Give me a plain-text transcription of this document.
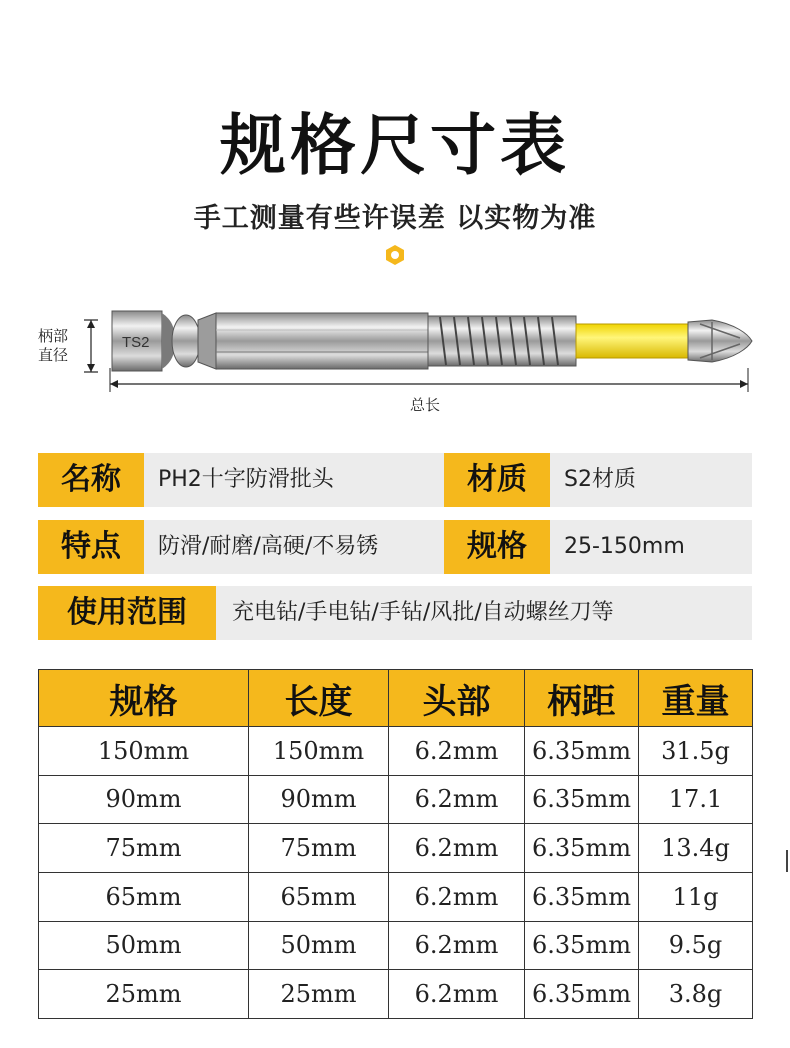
规格尺寸表
手工测量有些许误差 以实物为准
柄部
直径
总长
TS2
名称	PH2十字防滑批头	材质	S2材质
特点	防滑/耐磨/高硬/不易锈	规格	25-150mm
使用范围	充电钻/手电钻/手钻/风批/自动螺丝刀等
规格	长度	头部	柄距	重量
150mm	150mm	6.2mm	6.35mm	31.5g
90mm	90mm	6.2mm	6.35mm	17.1
75mm	75mm	6.2mm	6.35mm	13.4g
65mm	65mm	6.2mm	6.35mm	11g
50mm	50mm	6.2mm	6.35mm	9.5g
25mm	25mm	6.2mm	6.35mm	3.8g
